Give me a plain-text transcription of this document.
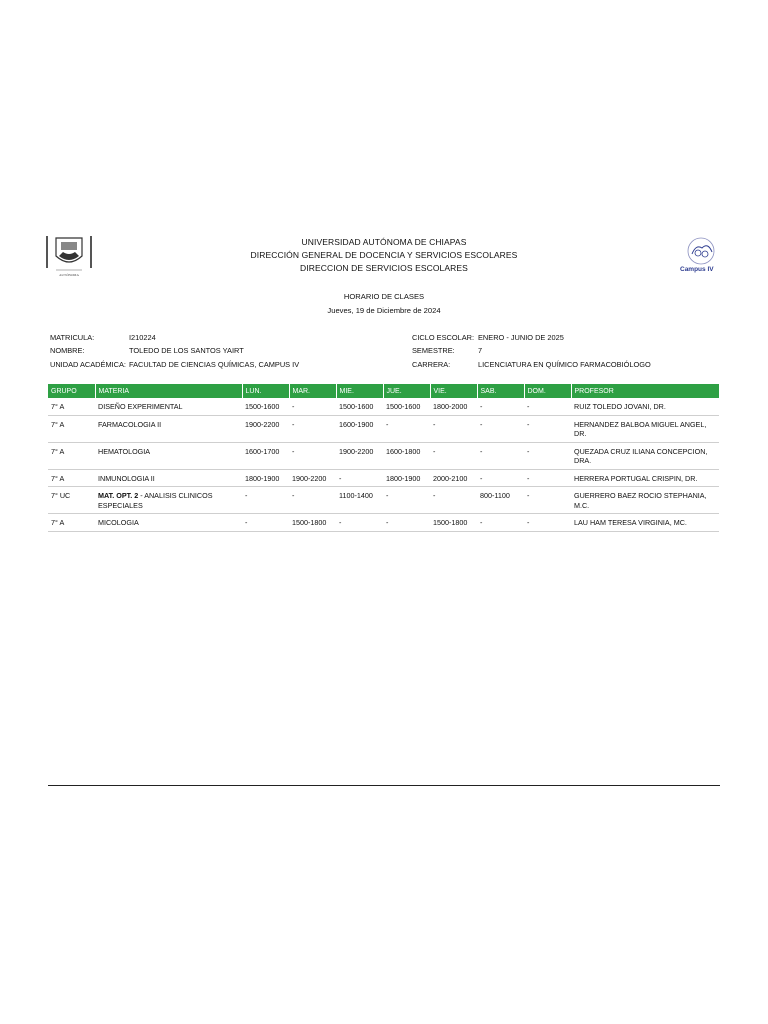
AUTÓNOMA
Campus IV
UNIVERSIDAD AUTÓNOMA DE CHIAPAS
DIRECCIÓN GENERAL DE DOCENCIA Y SERVICIOS ESCOLARES
DIRECCION DE SERVICIOS ESCOLARES
HORARIO DE CLASES
Jueves, 19 de Diciembre de 2024
MATRICULA:	I210224	CICLO ESCOLAR: ENERO - JUNIO DE 2025
NOMBRE:	TOLEDO DE LOS SANTOS YAIRT	SEMESTRE:	7
UNIDAD ACADÉMICA: FACULTAD DE CIENCIAS QUÍMICAS, CAMPUS IV	CARRERA:	LICENCIATURA EN QUÍMICO FARMACOBIÓLOGO
GRUPO	MATERIA	LUN.	MAR.	MIE.	JUE.	VIE.	SAB.	DOM.	PROFESOR
7° A	DISEÑO EXPERIMENTAL	1500-1600	-	1500-1600	1500-1600	1800-2000	-	-	RUIZ TOLEDO JOVANI, DR.
7° A	FARMACOLOGIA II	1900-2200	-	1600-1900	-	-	-	-	HERNANDEZ BALBOA MIGUEL ANGEL, DR.
7° A	HEMATOLOGIA	1600-1700	-	1900-2200	1600-1800	-	-	-	QUEZADA CRUZ ILIANA CONCEPCION, DRA.
7° A	INMUNOLOGIA II	1800-1900	1900-2200	-	1800-1900	2000-2100	-	-	HERRERA PORTUGAL CRISPIN, DR.
7° UC	MAT. OPT. 2 - ANALISIS CLINICOS ESPECIALES	-	-	1100-1400	-	-	800-1100	-	GUERRERO BAEZ ROCIO STEPHANIA, M.C.
7° A	MICOLOGIA	-	1500-1800	-	-	1500-1800	-	-	LAU HAM TERESA VIRGINIA, MC.
